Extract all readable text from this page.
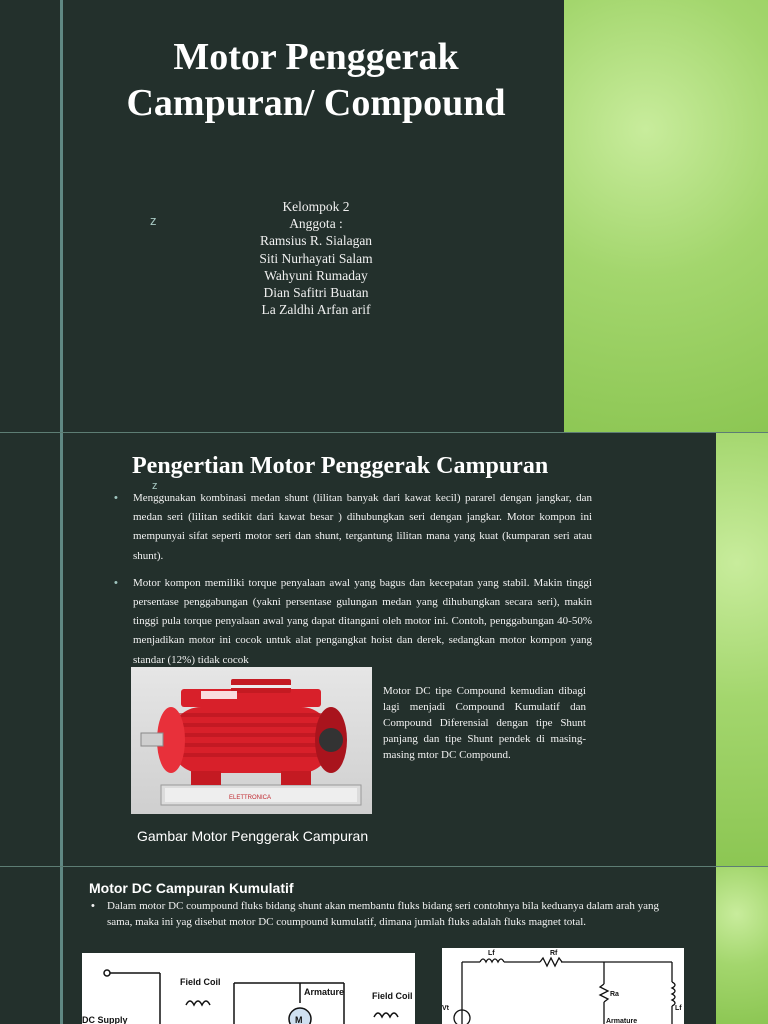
Motor Penggerak Campuran/ Compound
z
Kelompok 2
Anggota :
Ramsius R. Sialagan
Siti Nurhayati Salam
Wahyuni Rumaday
Dian Safitri Buatan
La Zaldhi Arfan arif
Pengertian Motor Penggerak Campuran
z
• Menggunakan kombinasi medan shunt (lilitan banyak dari kawat kecil) pararel dengan jangkar, dan medan seri (lilitan sedikit dari kawat besar ) dihubungkan seri dengan jangkar. Motor kompon ini mempunyai sifat seperti motor seri dan shunt, tergantung lilitan mana yang kuat (kumparan seri atau shunt).
• Motor kompon memiliki torque penyalaan awal yang bagus dan kecepatan yang stabil. Makin tinggi persentase penggabungan (yakni persentase gulungan medan yang dihubungkan secara seri), makin tinggi pula torque penyalaan awal yang dapat ditangani oleh motor ini. Contoh, penggabungan 40-50% menjadikan motor ini cocok untuk alat pengangkat hoist dan derek, sedangkan motor kompon yang standar (12%) tidak cocok
ELETTRONICA
Motor DC tipe Compound kemudian dibagi lagi menjadi Compound Kumulatif dan Compound Diferensial dengan tipe Shunt panjang dan tipe Shunt pendek di masing-masing mtor DC Compound.
Gambar Motor Penggerak Campuran
Motor DC Campuran Kumulatif
• Dalam motor DC coumpound fluks bidang shunt akan membantu fluks bidang seri contohnya bila keduanya dalam arah yang sama, maka ini yag disebut motor DC coumpound kumulatif, dimana jumlah fluks adalah fluks magnet total.
DC Supply
Field Coil
Armature
M
Field Coil
Lf	Rf
Vt
Ra
Armature
Lf
